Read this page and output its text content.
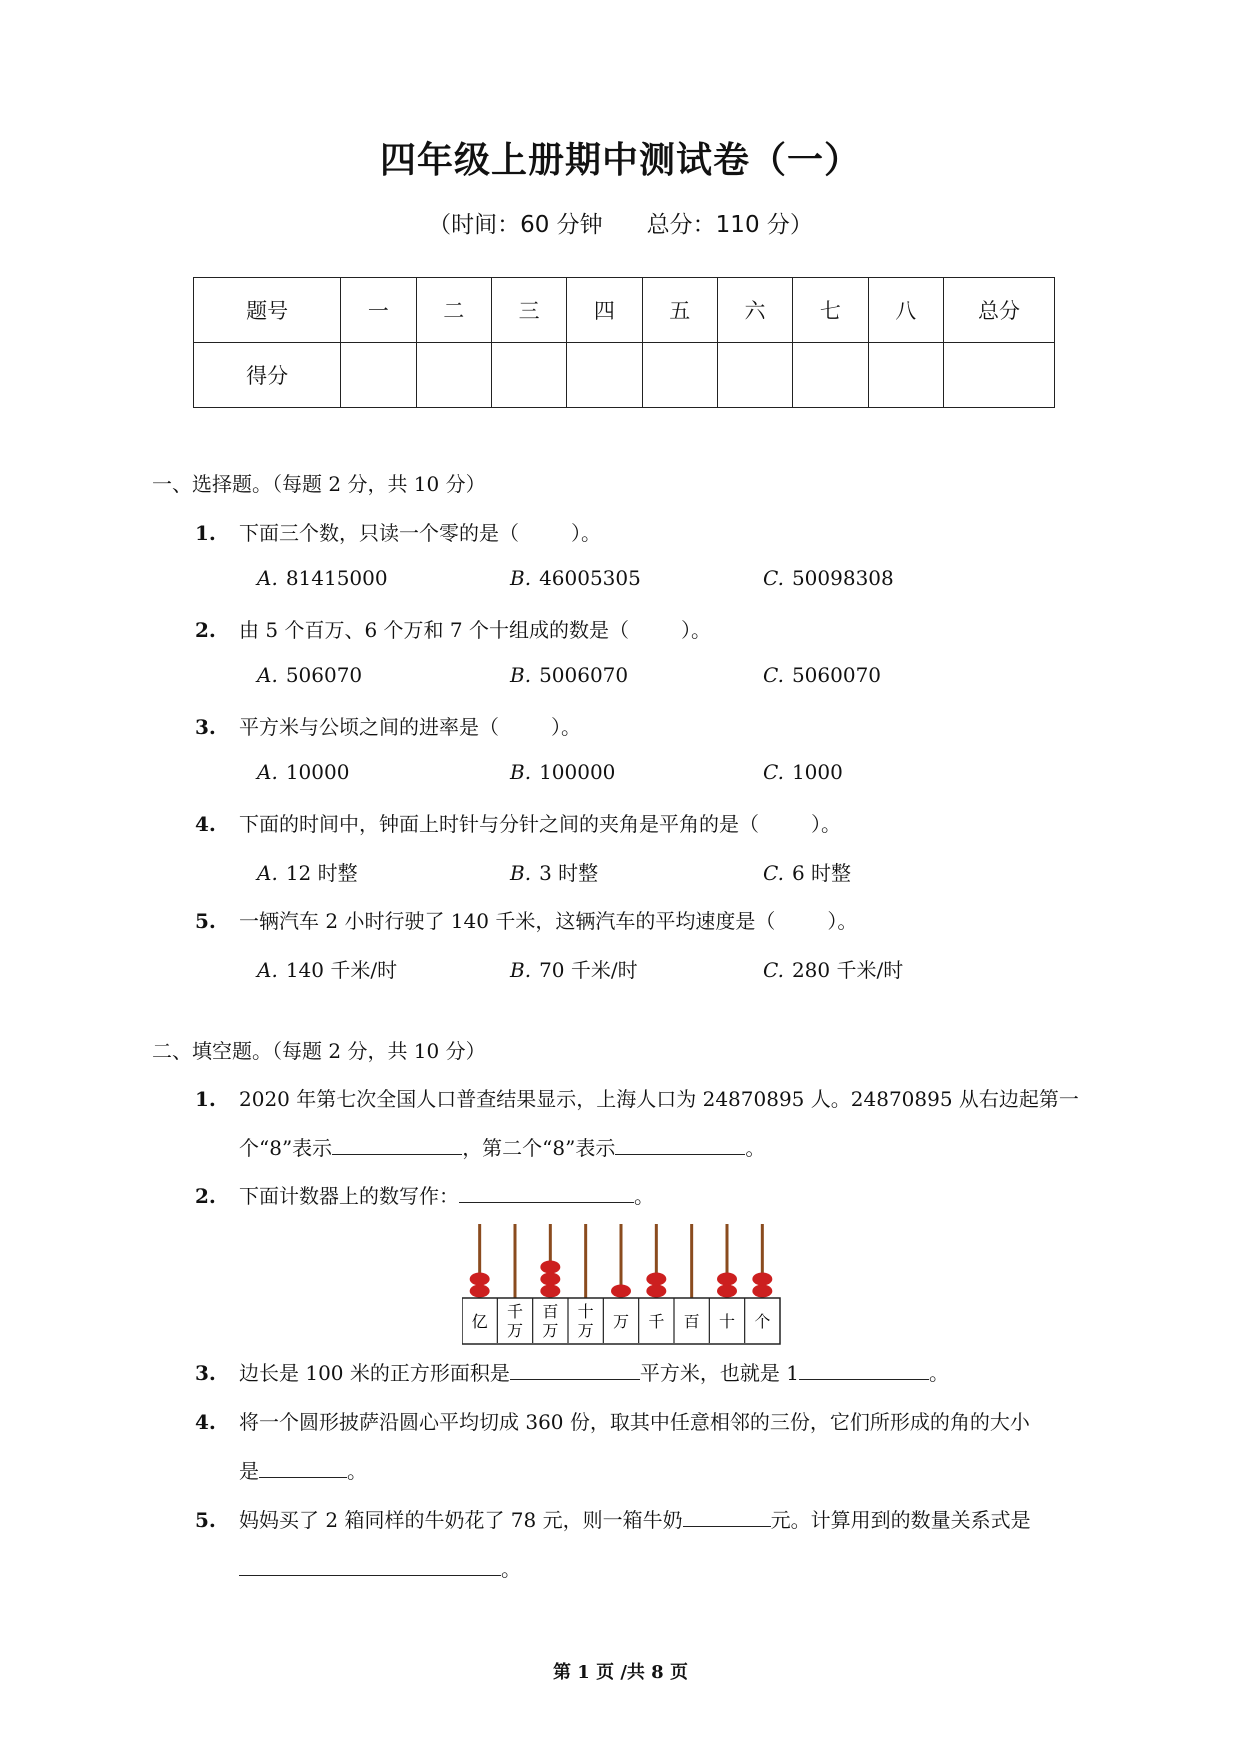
四年级上册期中测试卷（一）
（时间：60 分钟 总分：110 分）
题号	一	二	三	四	五	六	七	八	总分
得分									
一、选择题。（每题 2 分，共 10 分）
1. 下面三个数，只读一个零的是（	）。
A. 81415000	B. 46005305	C. 50098308
2. 由 5 个百万、6 个万和 7 个十组成的数是（	）。
A. 506070	B. 5006070	C. 5060070
3. 平方米与公顷之间的进率是（	）。
A. 10000	B. 100000	C. 1000
4. 下面的时间中，钟面上时针与分针之间的夹角是平角的是（	）。
A. 12 时整	B. 3 时整	C. 6 时整
5. 一辆汽车 2 小时行驶了 140 千米，这辆汽车的平均速度是（	）。
A. 140 千米/时	B. 70 千米/时	C. 280 千米/时
二、填空题。（每题 2 分，共 10 分）
1. 2020 年第七次全国人口普查结果显示，上海人口为 24870895 人。24870895 从右边起第一
个“8”表示	，第二个“8”表示	。
2. 下面计数器上的数写作：	。
亿
千
万
百
万
十
万 万 千 百 十 个
3. 边长是 100 米的正方形面积是	平方米，也就是 1	。
4. 将一个圆形披萨沿圆心平均切成 360 份，取其中任意相邻的三份，它们所形成的角的大小
是	。
5. 妈妈买了 2 箱同样的牛奶花了 78 元，则一箱牛奶	元。计算用到的数量关系式是
。
第 1 页 /共 8 页
